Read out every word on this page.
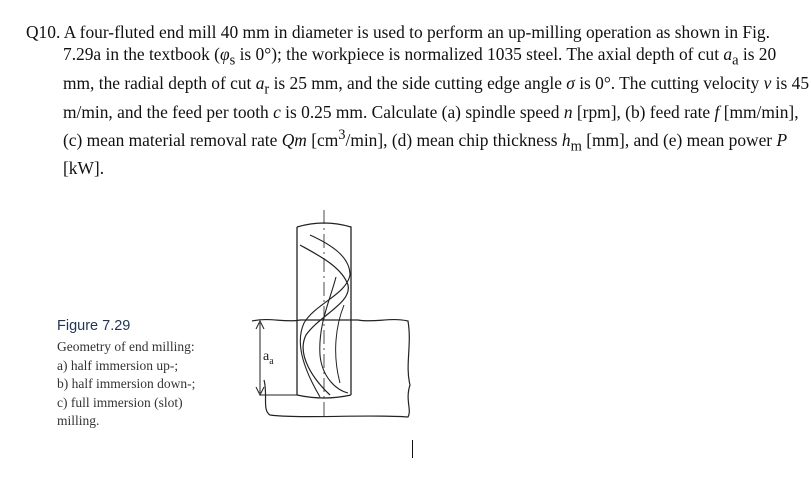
Q10. A four-fluted end mill 40 mm in diameter is used to perform an up-milling operation as shown in Fig. 7.29a in the textbook ($\varphi_s$ is 0°); the workpiece is normalized 1035 steel. The axial depth of cut $a_a$ is 20 mm, the radial depth of cut $a_r$ is 25 mm, and the side cutting edge angle σ is 0°. The cutting velocity v is 45 m/min, and the feed per tooth c is 0.25 mm. Calculate (a) spindle speed n [rpm], (b) feed rate f [mm/min], (c) mean material removal rate Qm $[cm^3/\min]$, (d) mean chip thickness $h_m$ [mm], and (e) mean power P [kW].

Figure 7.29
Geometry of end milling:
a) half immersion up-;
b) half immersion down-;
c) full immersion (slot)
milling.
$a_a$
